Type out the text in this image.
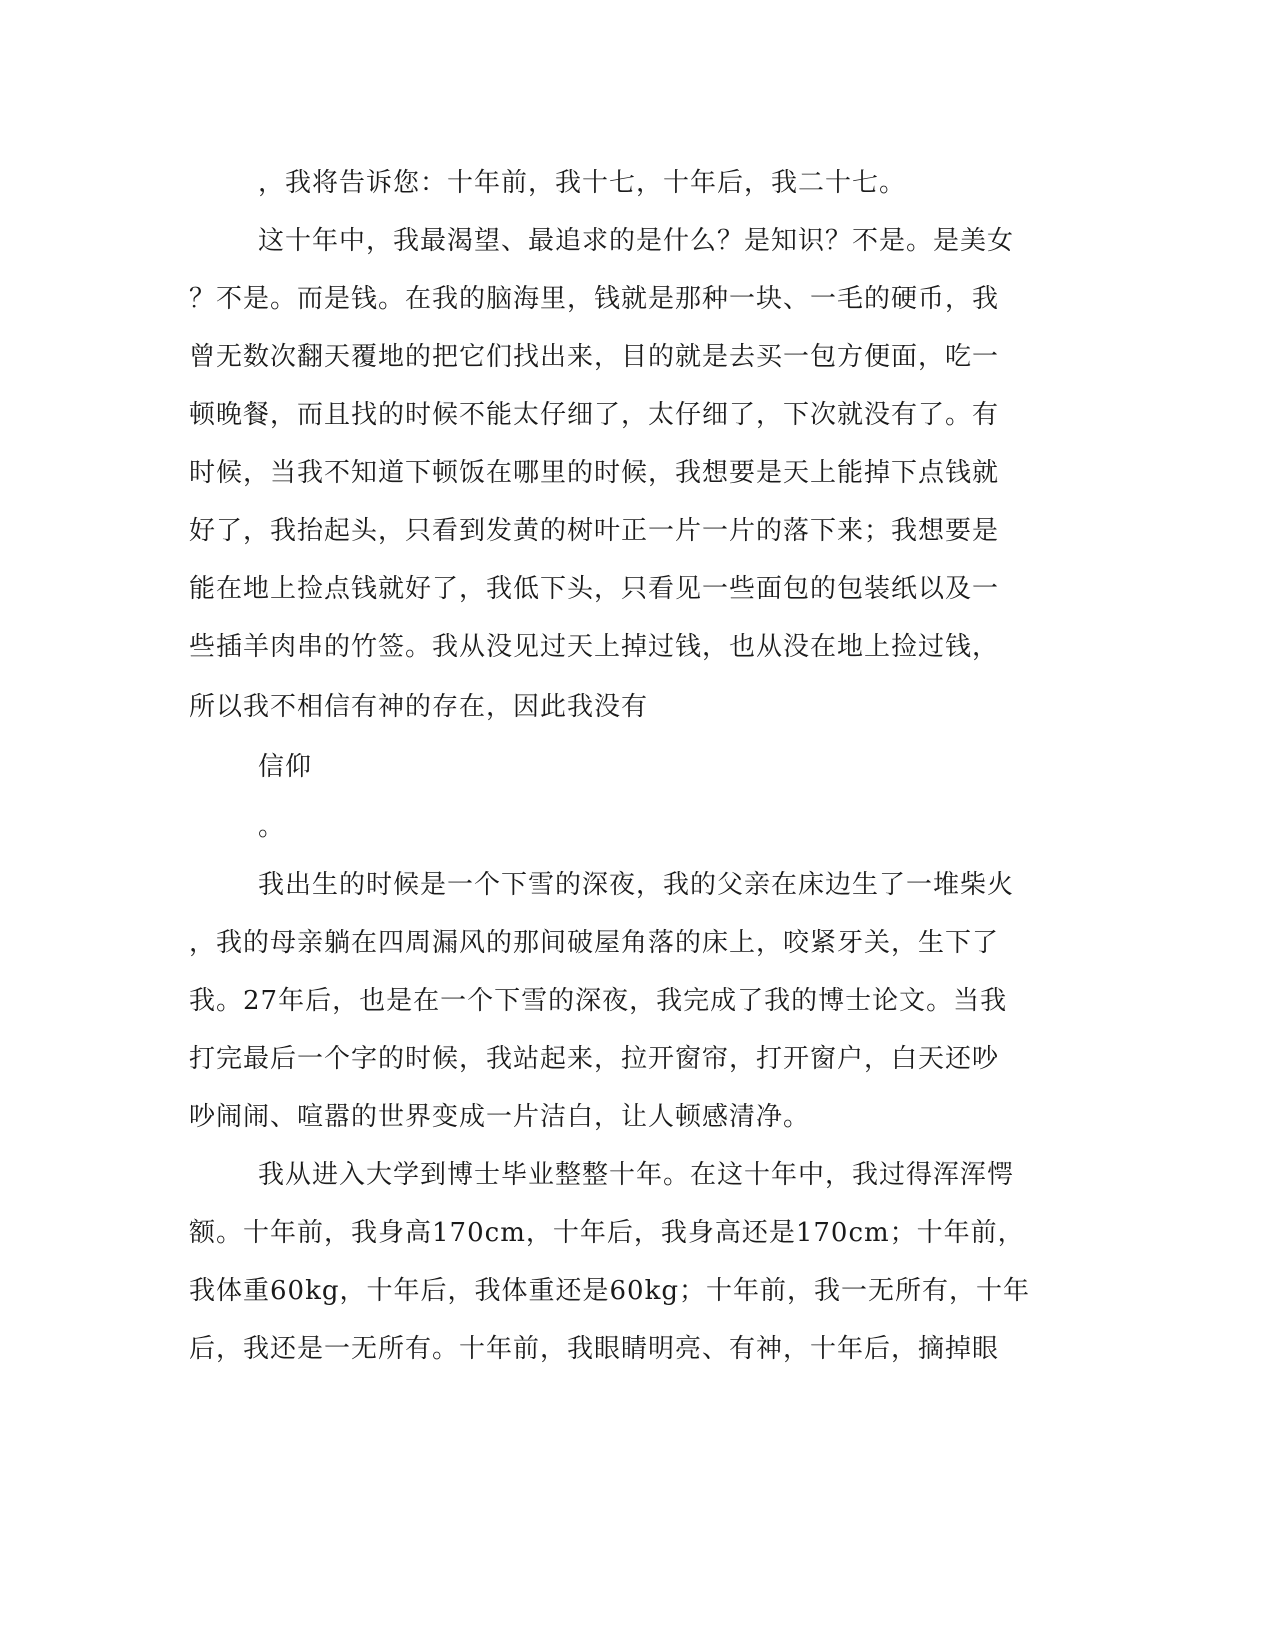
，我将告诉您：十年前，我十七，十年后，我二十七。
这十年中，我最渴望、最追求的是什么？是知识？不是。是美女
？不是。而是钱。在我的脑海里，钱就是那种一块、一毛的硬币，我
曾无数次翻天覆地的把它们找出来，目的就是去买一包方便面，吃一
顿晚餐，而且找的时候不能太仔细了，太仔细了，下次就没有了。有
时候，当我不知道下顿饭在哪里的时候，我想要是天上能掉下点钱就
好了，我抬起头，只看到发黄的树叶正一片一片的落下来；我想要是
能在地上捡点钱就好了，我低下头，只看见一些面包的包装纸以及一
些插羊肉串的竹签。我从没见过天上掉过钱，也从没在地上捡过钱，
所以我不相信有神的存在，因此我没有
信仰
。
我出生的时候是一个下雪的深夜，我的父亲在床边生了一堆柴火
，我的母亲躺在四周漏风的那间破屋角落的床上，咬紧牙关，生下了
我。27年后，也是在一个下雪的深夜，我完成了我的博士论文。当我
打完最后一个字的时候，我站起来，拉开窗帘，打开窗户，白天还吵
吵闹闹、喧嚣的世界变成一片洁白，让人顿感清净。
我从进入大学到博士毕业整整十年。在这十年中，我过得浑浑愕
额。十年前，我身高170cm，十年后，我身高还是170cm；十年前，
我体重60kg，十年后，我体重还是60kg；十年前，我一无所有，十年
后，我还是一无所有。十年前，我眼睛明亮、有神，十年后，摘掉眼
